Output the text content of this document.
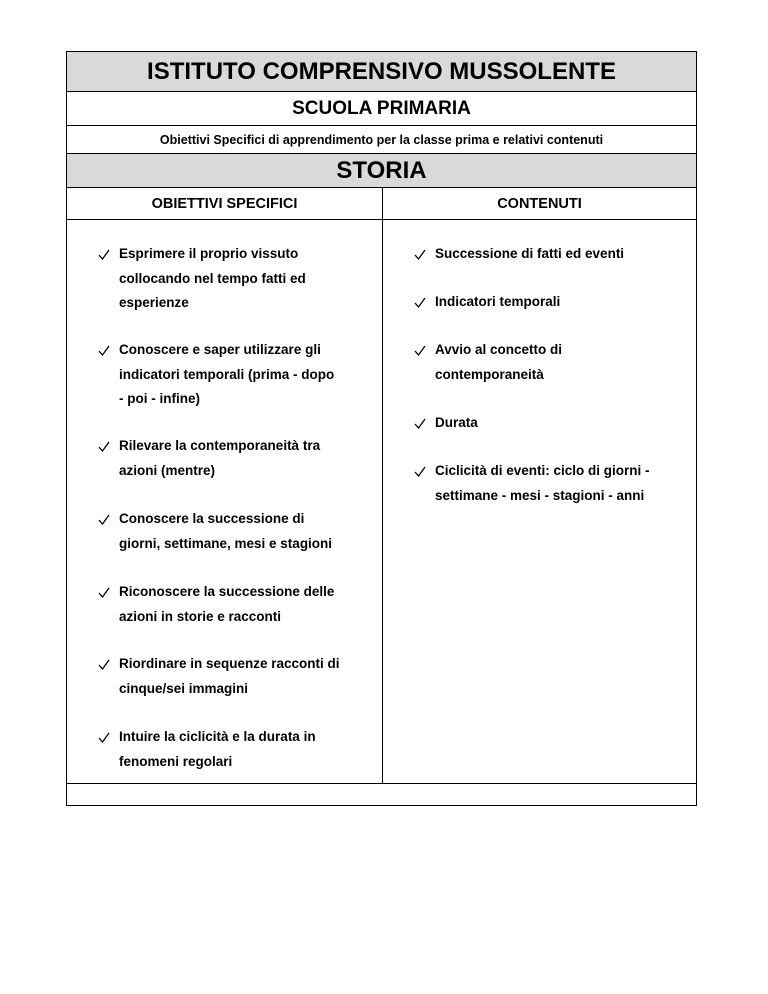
ISTITUTO COMPRENSIVO MUSSOLENTE
SCUOLA PRIMARIA
Obiettivi Specifici di apprendimento per la classe prima e relativi contenuti
STORIA
OBIETTIVI SPECIFICI
Esprimere il proprio vissuto
collocando nel tempo fatti ed
esperienze
Conoscere e saper utilizzare gli
indicatori temporali (prima - dopo
- poi - infine)
Rilevare la contemporaneità tra
azioni (mentre)
Conoscere la successione di
giorni, settimane, mesi e stagioni
Riconoscere la successione delle
azioni in storie e racconti
Riordinare in sequenze racconti di
cinque/sei immagini
Intuire la ciclicità e la durata in
fenomeni regolari
CONTENUTI
Successione di fatti ed eventi
Indicatori temporali
Avvio al concetto di
contemporaneità
Durata
Ciclicità di eventi: ciclo di giorni -
settimane - mesi - stagioni - anni
